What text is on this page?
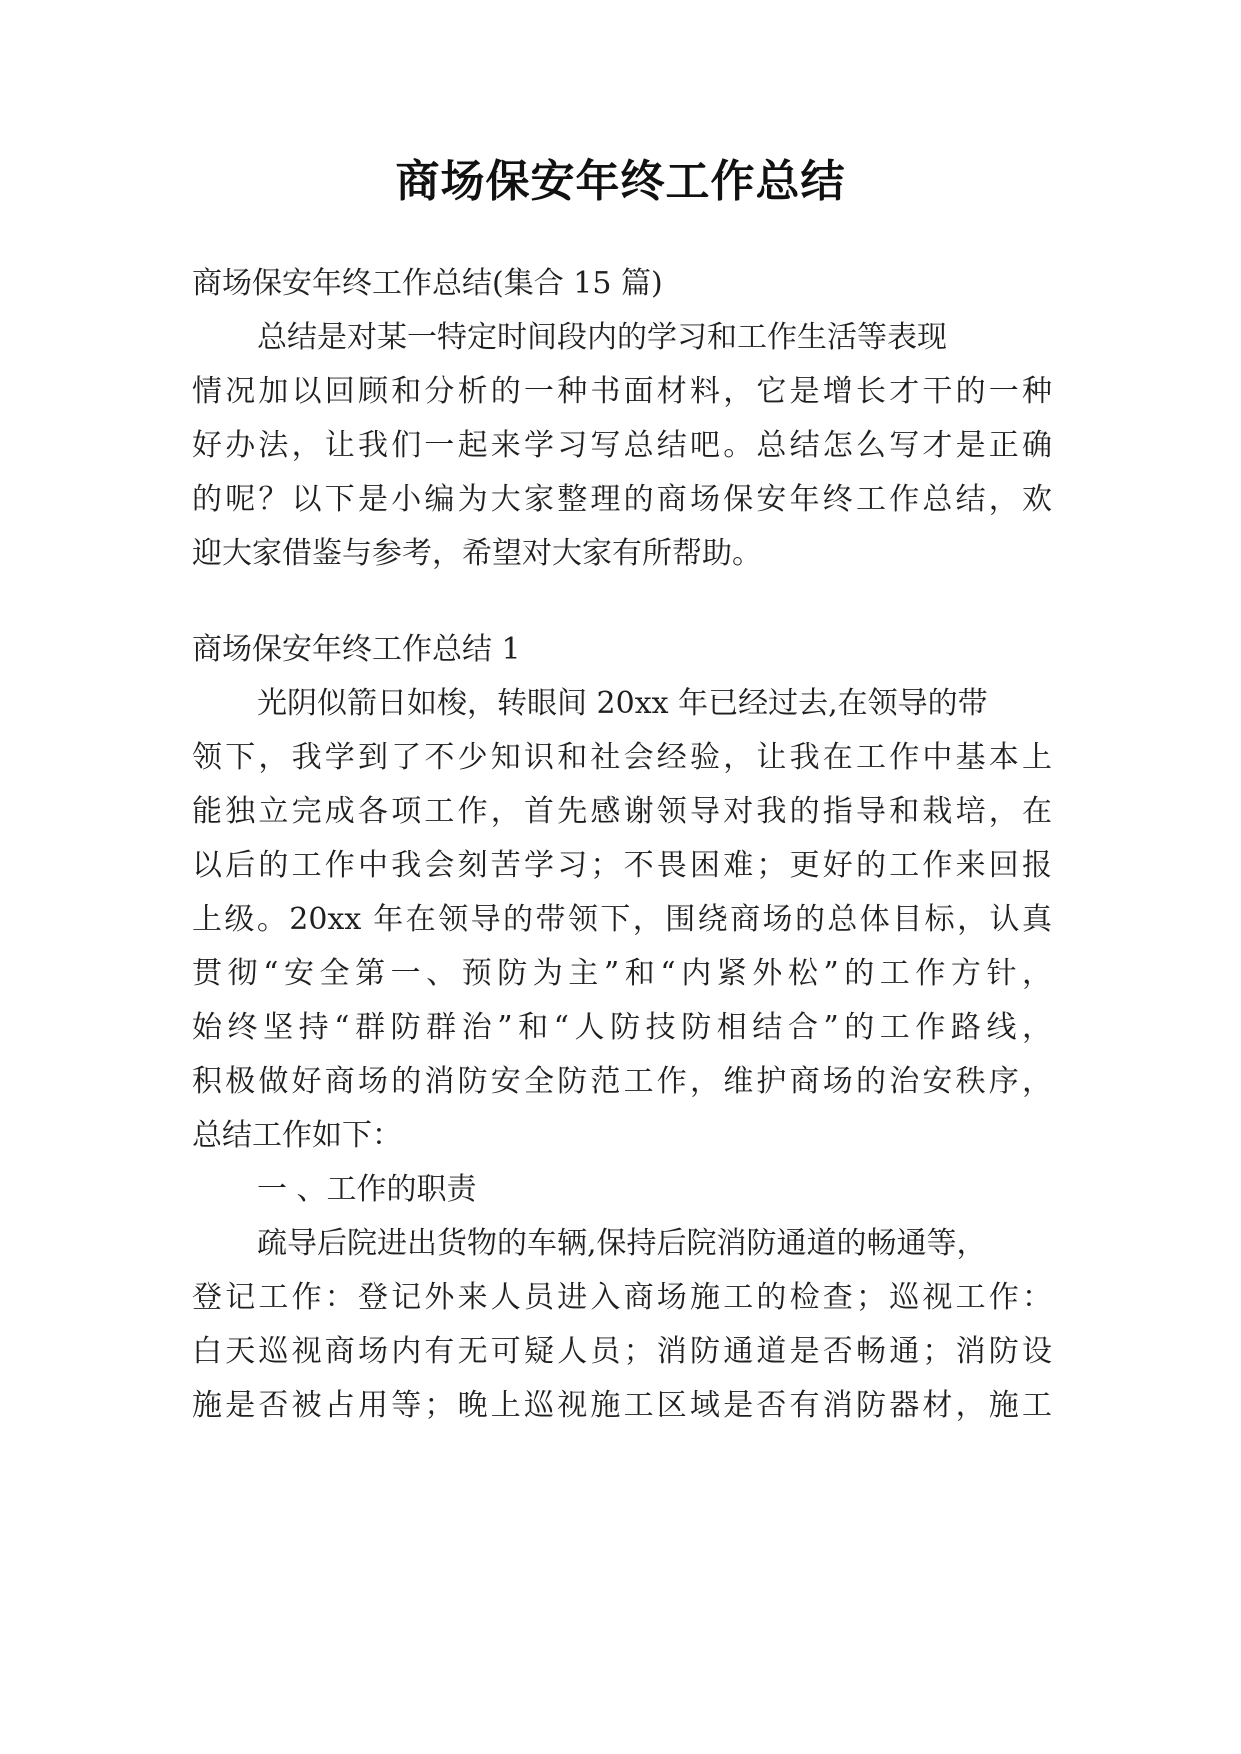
商场保安年终工作总结
商场保安年终工作总结(集合 15 篇)
总结是对某一特定时间段内的学习和工作生活等表现
情况加以回顾和分析的一种书面材料，它是增长才干的一种
好办法，让我们一起来学习写总结吧。总结怎么写才是正确
的呢？以下是小编为大家整理的商场保安年终工作总结，欢
迎大家借鉴与参考，希望对大家有所帮助。
商场保安年终工作总结 1
光阴似箭日如梭，转眼间 20xx 年已经过去,在领导的带
领下，我学到了不少知识和社会经验，让我在工作中基本上
能独立完成各项工作，首先感谢领导对我的指导和栽培，在
以后的工作中我会刻苦学习；不畏困难；更好的工作来回报
上级。20xx 年在领导的带领下，围绕商场的总体目标，认真
贯彻“安全第一、预防为主”和“内紧外松”的工作方针，
始终坚持“群防群治”和“人防技防相结合”的工作路线，
积极做好商场的消防安全防范工作，维护商场的治安秩序，
总结工作如下：
一 、工作的职责
疏导后院进出货物的车辆,保持后院消防通道的畅通等，
登记工作：登记外来人员进入商场施工的检查；巡视工作：
白天巡视商场内有无可疑人员；消防通道是否畅通；消防设
施是否被占用等；晚上巡视施工区域是否有消防器材，施工
